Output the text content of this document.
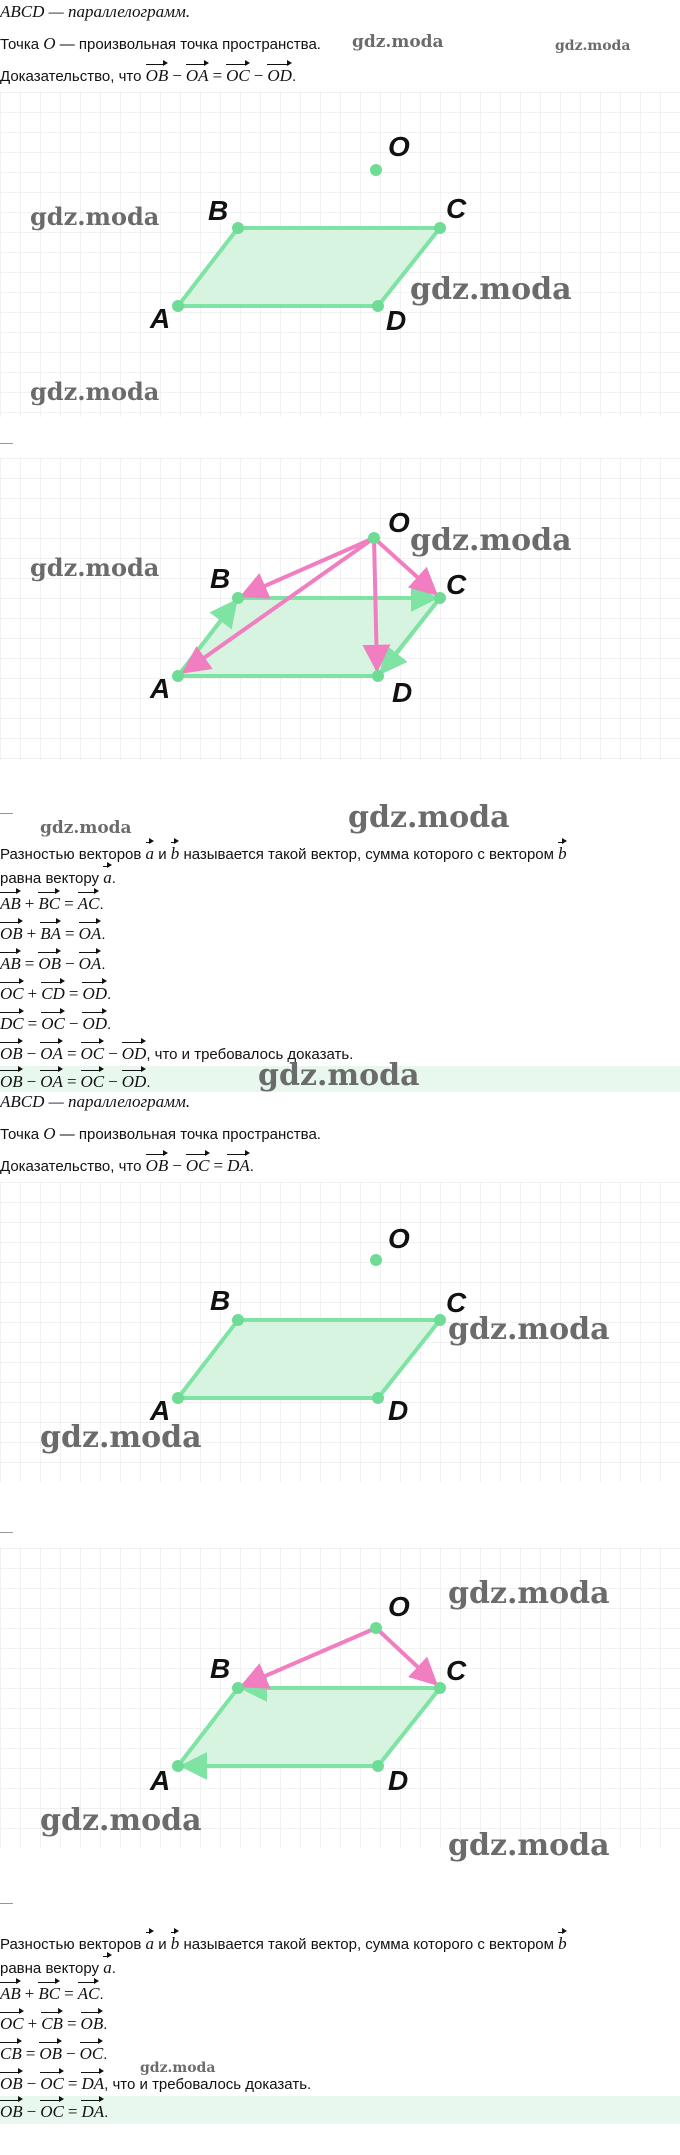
ABCD — параллелограмм.
Точка O — произвольная точка пространства.	gdz.moda	gdz.moda
Доказательство, что OB − OA = OC − OD.
A
B	C
D
O
gdz.moda
gdz.moda
gdz.moda
—
A
B	C
D
O
gdz.moda
gdz.moda
—
gdz.moda	gdz.moda
Разностью векторов a и b называется такой вектор, сумма которого с вектором b
равна вектору a.
AB + BC = AC.
OB + BA = OA.
AB = OB − OA.
OC + CD = OD.
DC = OC − OD.
OB − OA = OC − OD, что и требовалось доказать.
OB − OA = OC − OD.	gdz.moda
ABCD — параллелограмм.
Точка O — произвольная точка пространства.
Доказательство, что OB − OC = DA.
A
B	C
D
O
gdz.moda
gdz.moda
—
A
B	C
D
O gdz.moda
gdz.moda
gdz.moda
—
Разностью векторов a и b называется такой вектор, сумма которого с вектором b
равна вектору a.
AB + BC = AC.
OC + CB = OB.
CB = OB − OC.
OB − OC = DA, что и требовалось доказать.
gdz.moda
OB − OC = DA.
